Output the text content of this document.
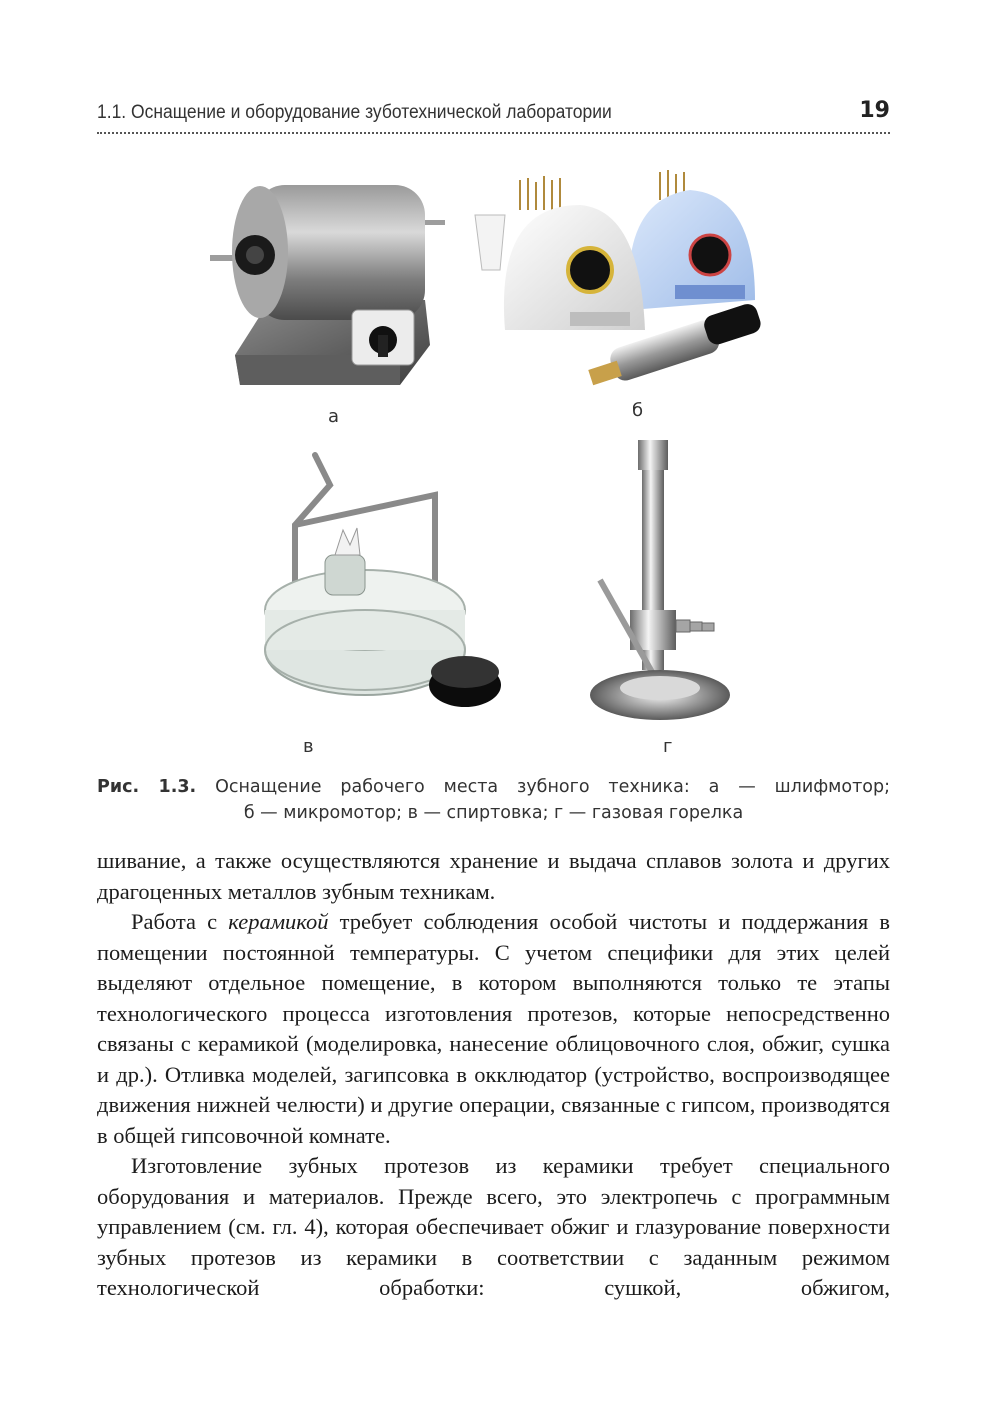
1.1. Оснащение и оборудование зуботехнической лаборатории	19
а	б
в	г
Рис. 1.3. Оснащение рабочего места зубного техника: а — шлифмотор;
б — микромотор; в — спиртовка; г — газовая горелка

шивание, а также осуществляются хранение и выдача сплавов золота и других драгоценных металлов зубным техникам.

Работа с керамикой требует соблюдения особой чистоты и поддержания в помещении постоянной температуры. С учетом специфики для этих целей выделяют отдельное помещение, в котором выполняются только те этапы технологического процесса изготовления протезов, которые непосредственно связаны с керамикой (моделировка, нанесение облицовочного слоя, обжиг, сушка и др.). Отливка моделей, загипсовка в окклюдатор (устройство, воспроизводящее движения нижней челюсти) и другие операции, связанные с гипсом, производятся в общей гипсовочной комнате.

Изготовление зубных протезов из керамики требует специального оборудования и материалов. Прежде всего, это электропечь с программным управлением (см. гл. 4), которая обеспечивает обжиг и глазурование поверхности зубных протезов из керамики в соответствии с заданным режимом технологической обработки: сушкой, обжигом,
